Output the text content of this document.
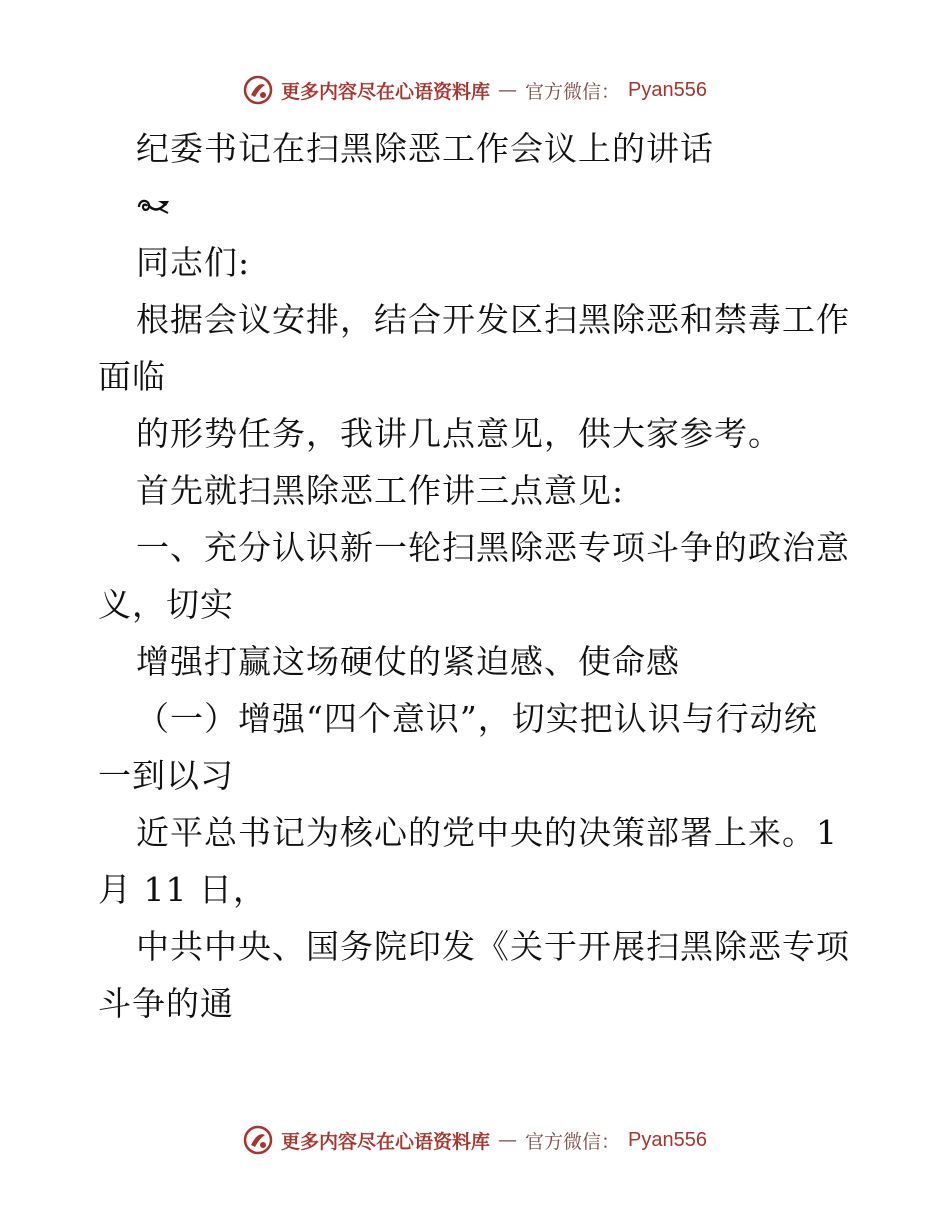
更多内容尽在心语资料库 — 官方微信： Pyan556
纪委书记在扫黑除恶工作会议上的讲话
同志们:
根据会议安排，结合开发区扫黑除恶和禁毒工作
面临
的形势任务，我讲几点意见，供大家参考。
首先就扫黑除恶工作讲三点意见:
一、充分认识新一轮扫黑除恶专项斗争的政治意
义，切实
增强打赢这场硬仗的紧迫感、使命感
（一）增强“四个意识”，切实把认识与行动统
一到以习
近平总书记为核心的党中央的决策部署上来。1
月 11 日，
中共中央、国务院印发《关于开展扫黑除恶专项
斗争的通
更多内容尽在心语资料库 — 官方微信： Pyan556
